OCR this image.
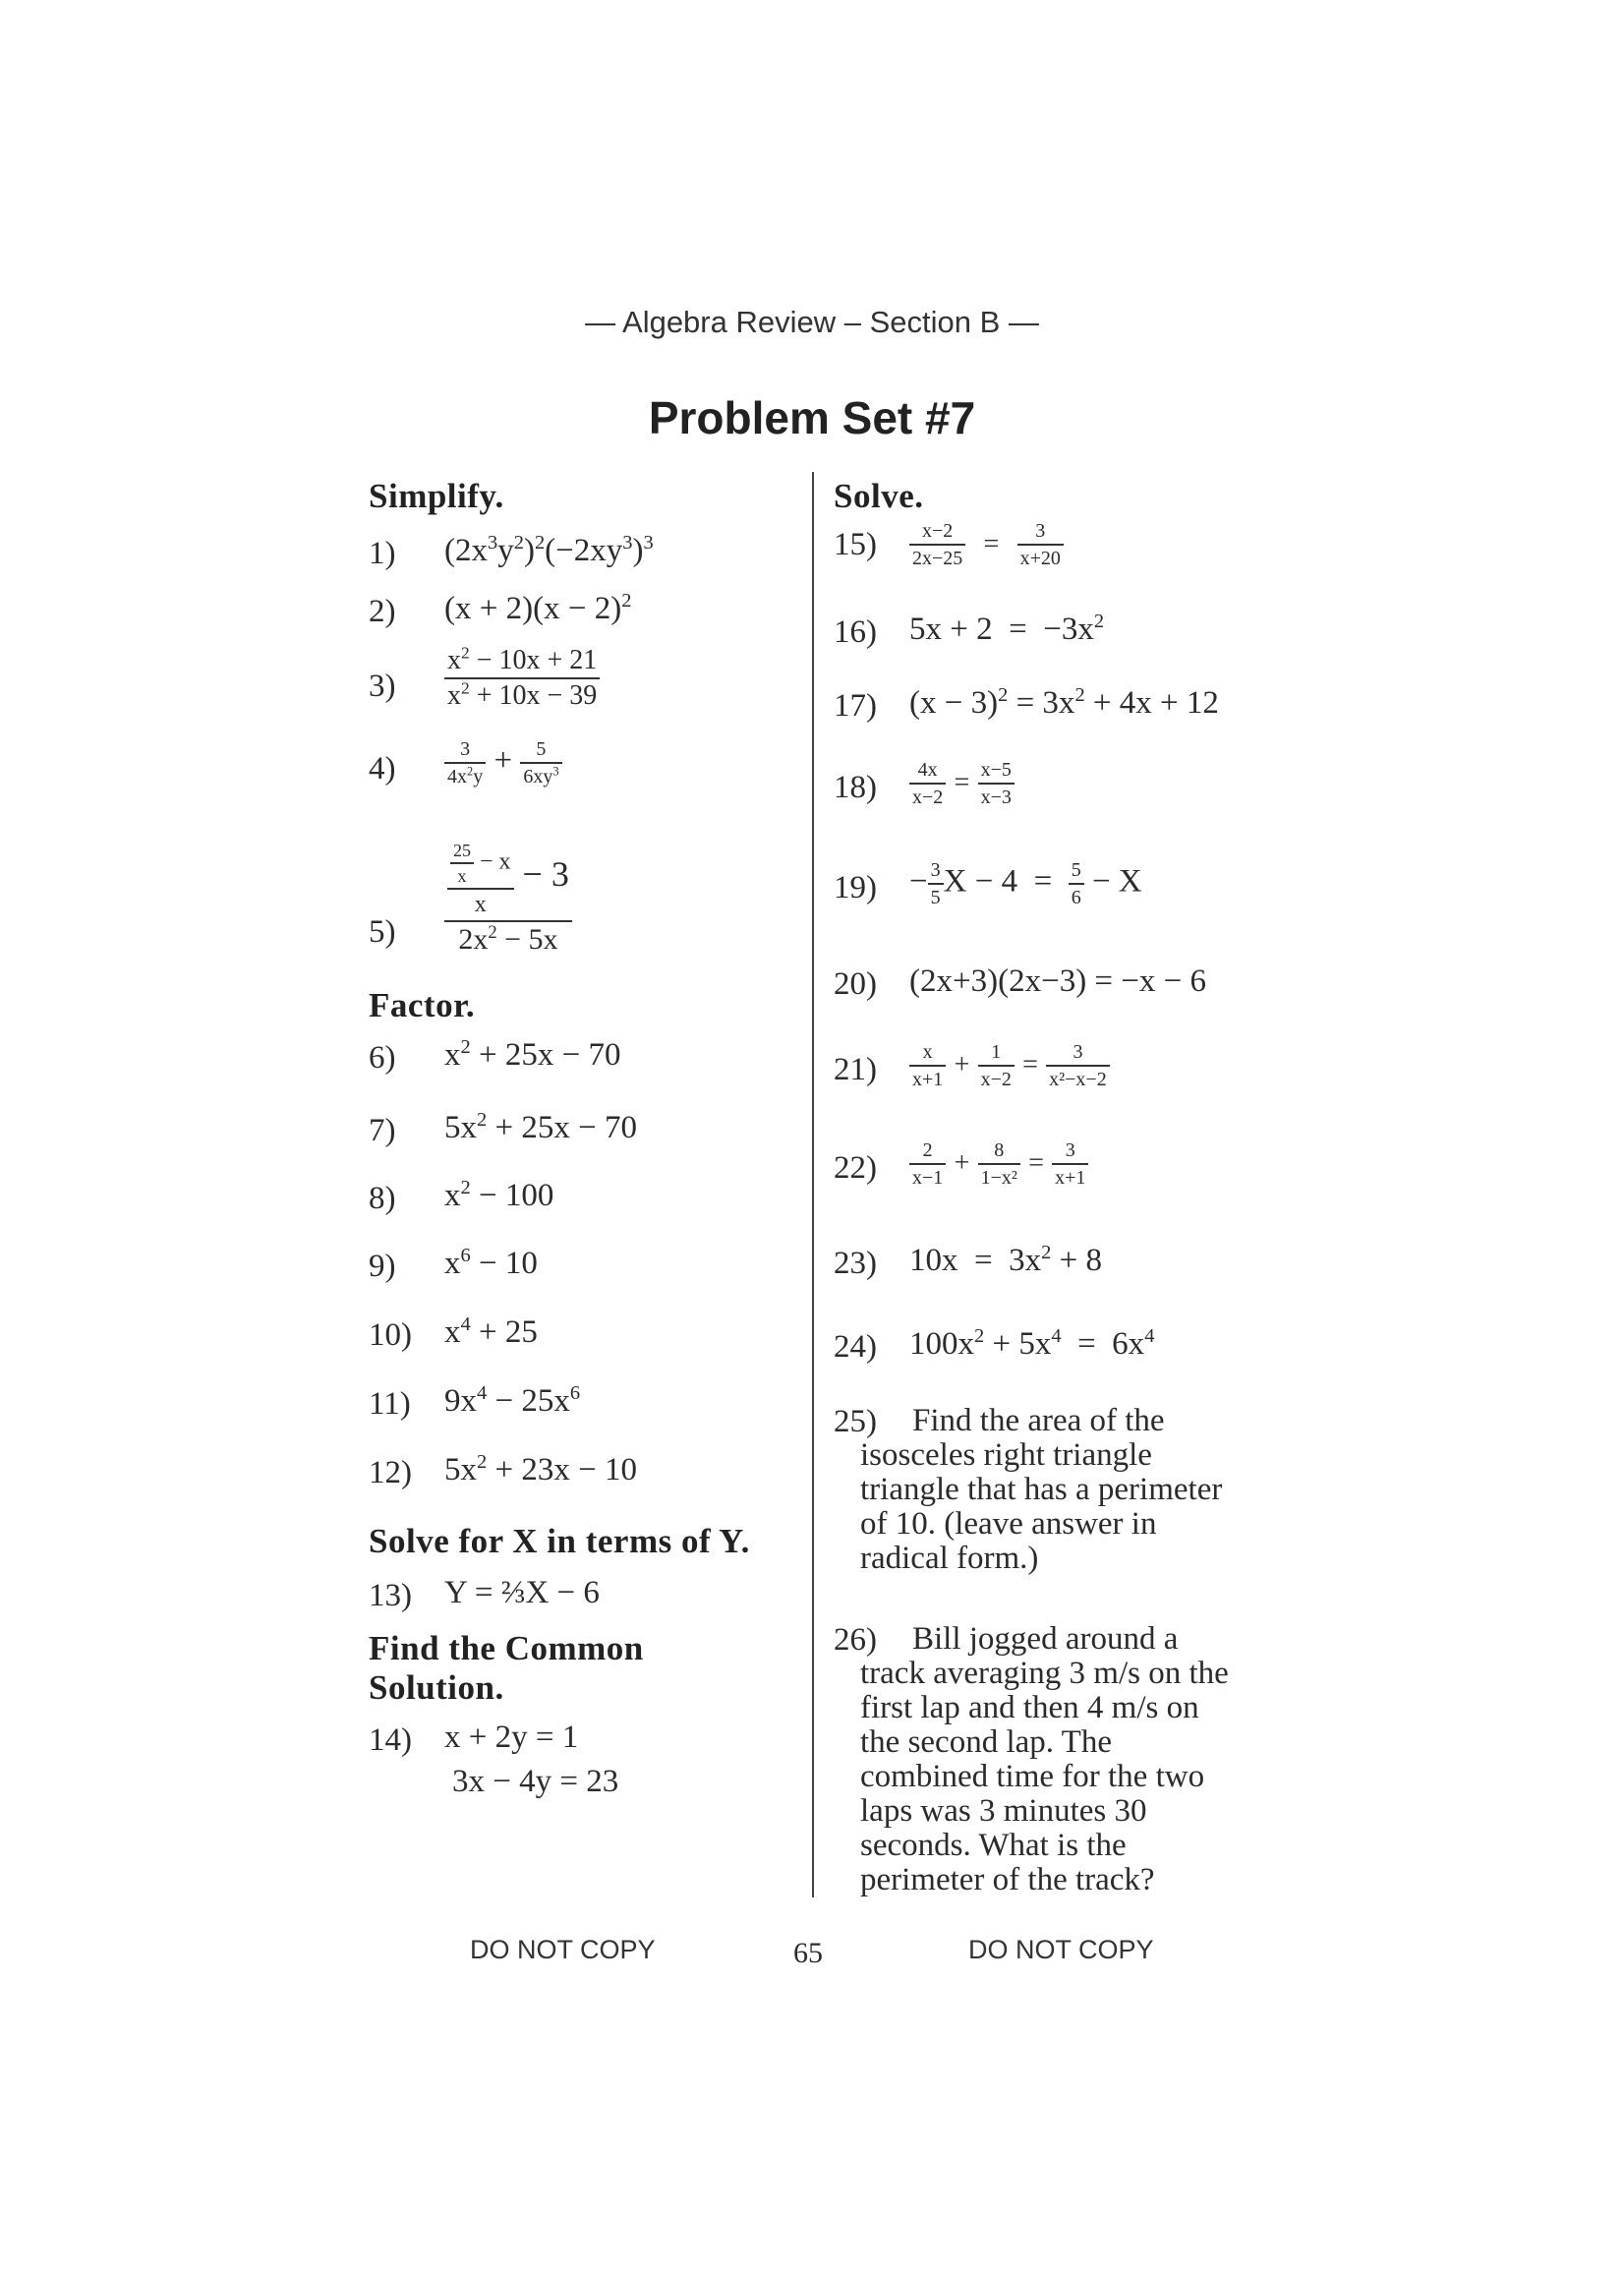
— Algebra Review – Section B —
Problem Set #7
Simplify.
1) $(2x^3y^2)^2(-2xy^3)^3$
2) $(x + 2)(x - 2)^2$
$3) \frac{x^2 - 10x + 21}{x^2 + 10x - 39}$
$4) \frac{3}{4x^2y} + \frac{5}{6xy^3}$
5)	$\frac{\frac{\frac{25}{x} - x}{x} - 3}{2x^2 - 5x}$
Factor.
6) $x^2 + 25x - 70$
7) $5x^2 + 25x - 70$
8) $x^2 - 100$
9) $x^6 - 10$
10) $x^4 + 25$
11) $9x^4 - 25x^6$
12) $5x^2 + 23x - 10$
Solve for X in terms of Y.
13) Y = ⅔X − 6
Find the Common
Solution.
14) x + 2y = 1
3x − 4y = 23
Solve.
$15) \frac{x-2}{2x-25} = \frac{3}{x+20}$
16) $5x + 2 = -3x^2$
17) $(x - 3)^2 = 3x^2 + 4x + 12$
$18) \frac{4x}{x-2} = \frac{x-5}{x-3}$
$19) - \frac{3}{5}$ $X - 4 = \frac{5}{6} - X$
20) (2x+3)(2x−3) = −x − 6
$21) \frac{x}{x+1} + \frac{1}{x-2} = \frac{3}{\text{x²−x−2}}$
$22) \frac{2}{x-1} + \frac{8}{\text{1−x²}} = \frac{3}{x+1}$
23) $10x = 3x^2 + 8$
24) $100x^2 + 5x^4 = 6x^4$
25)	Find the area of the
isosceles right triangle
triangle that has a perimeter
of 10. (leave answer in
radical form.)
26)	Bill jogged around a
track averaging 3 m/s on the
first lap and then 4 m/s on
the second lap. The
combined time for the two
laps was 3 minutes 30
seconds. What is the
perimeter of the track?
DO NOT COPY	65	DO NOT COPY
